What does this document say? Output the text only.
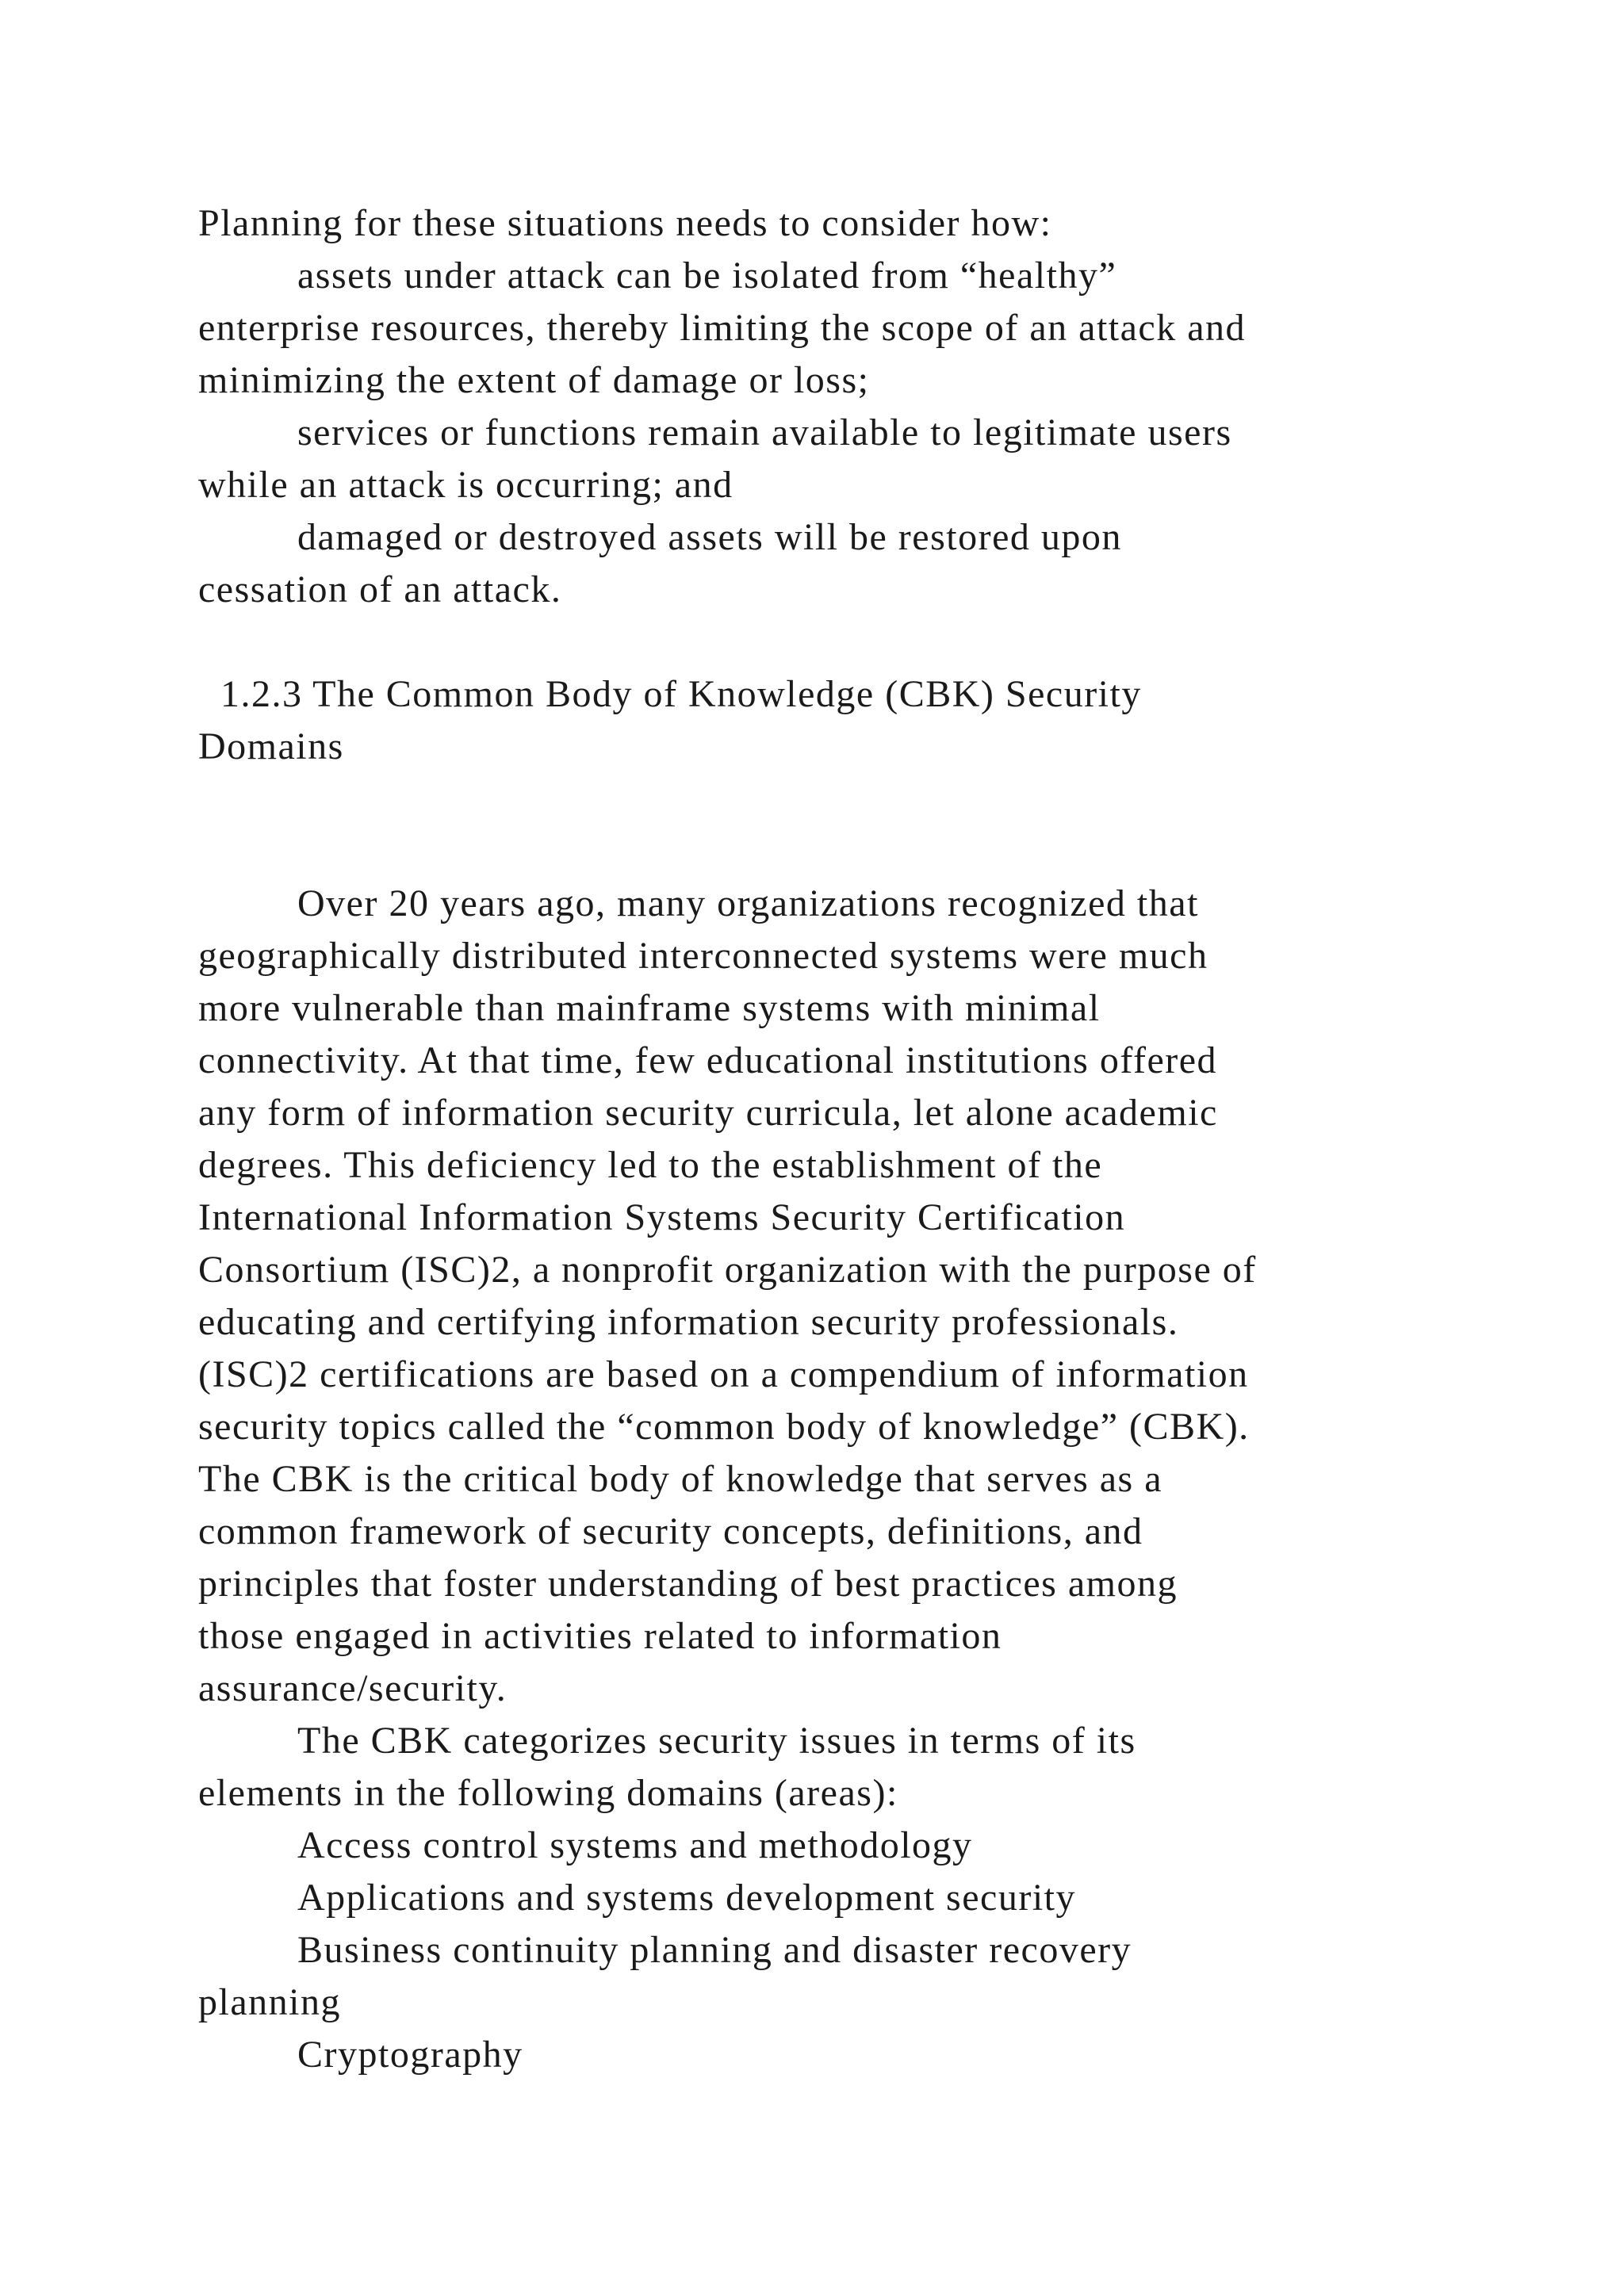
Planning for these situations needs to consider how:
assets under attack can be isolated from “healthy”
enterprise resources, thereby limiting the scope of an attack and
minimizing the extent of damage or loss;
services or functions remain available to legitimate users
while an attack is occurring; and
damaged or destroyed assets will be restored upon
cessation of an attack.
1.2.3 The Common Body of Knowledge (CBK) Security
Domains
Over 20 years ago, many organizations recognized that
geographically distributed interconnected systems were much
more vulnerable than mainframe systems with minimal
connectivity. At that time, few educational institutions offered
any form of information security curricula, let alone academic
degrees. This deficiency led to the establishment of the
International Information Systems Security Certification
Consortium (ISC)2, a nonprofit organization with the purpose of
educating and certifying information security professionals.
(ISC)2 certifications are based on a compendium of information
security topics called the “common body of knowledge” (CBK).
The CBK is the critical body of knowledge that serves as a
common framework of security concepts, definitions, and
principles that foster understanding of best practices among
those engaged in activities related to information
assurance/security.
The CBK categorizes security issues in terms of its
elements in the following domains (areas):
Access control systems and methodology
Applications and systems development security
Business continuity planning and disaster recovery
planning
Cryptography
